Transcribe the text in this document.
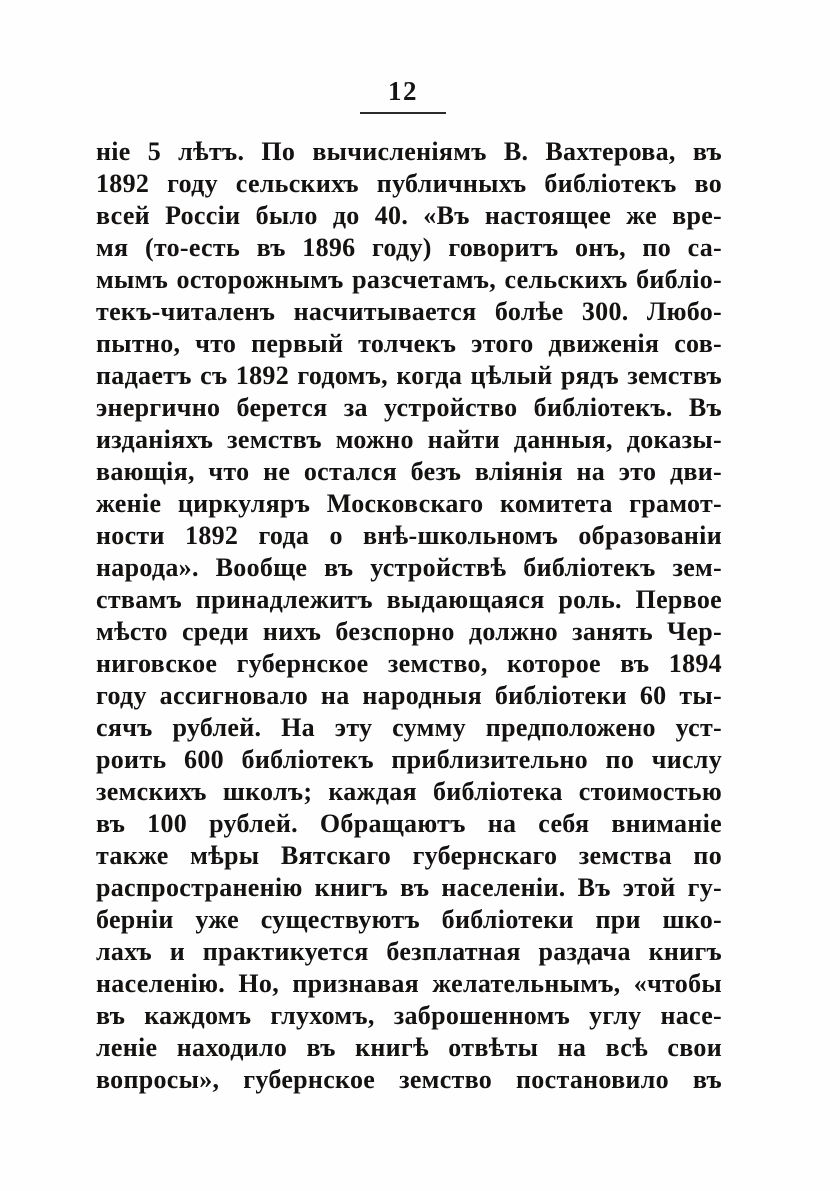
12
ніе 5 лѣтъ. По вычисленіямъ В. Вахтерова, въ
1892 году сельскихъ публичныхъ библіотекъ во
всей Россіи было до 40. «Въ настоящее же вре-
мя (то-есть въ 1896 году) говоритъ онъ, по са-
мымъ осторожнымъ разсчетамъ, сельскихъ библіо-
текъ-читаленъ насчитывается болѣе 300. Любо-
пытно, что первый толчекъ этого движенія сов-
падаетъ съ 1892 годомъ, когда цѣлый рядъ земствъ
энергично берется за устройство библіотекъ. Въ
изданіяхъ земствъ можно найти данныя, доказы-
вающія, что не остался безъ вліянія на это дви-
женіе циркуляръ Московскаго комитета грамот-
ности 1892 года о внѣ-школьномъ образованіи
народа». Вообще въ устройствѣ библіотекъ зем-
ствамъ принадлежитъ выдающаяся роль. Первое
мѣсто среди нихъ безспорно должно занять Чер-
ниговское губернское земство, которое въ 1894
году ассигновало на народныя библіотеки 60 ты-
сячъ рублей. На эту сумму предположено уст-
роить 600 библіотекъ приблизительно по числу
земскихъ школъ; каждая библіотека стоимостью
въ 100 рублей. Обращаютъ на себя вниманіе
также мѣры Вятскаго губернскаго земства по
распространенію книгъ въ населеніи. Въ этой гу-
берніи уже существуютъ библіотеки при шко-
лахъ и практикуется безплатная раздача книгъ
населенію. Но, признавая желательнымъ, «чтобы
въ каждомъ глухомъ, заброшенномъ углу насе-
леніе находило въ книгѣ отвѣты на всѣ свои
вопросы», губернское земство постановило въ
